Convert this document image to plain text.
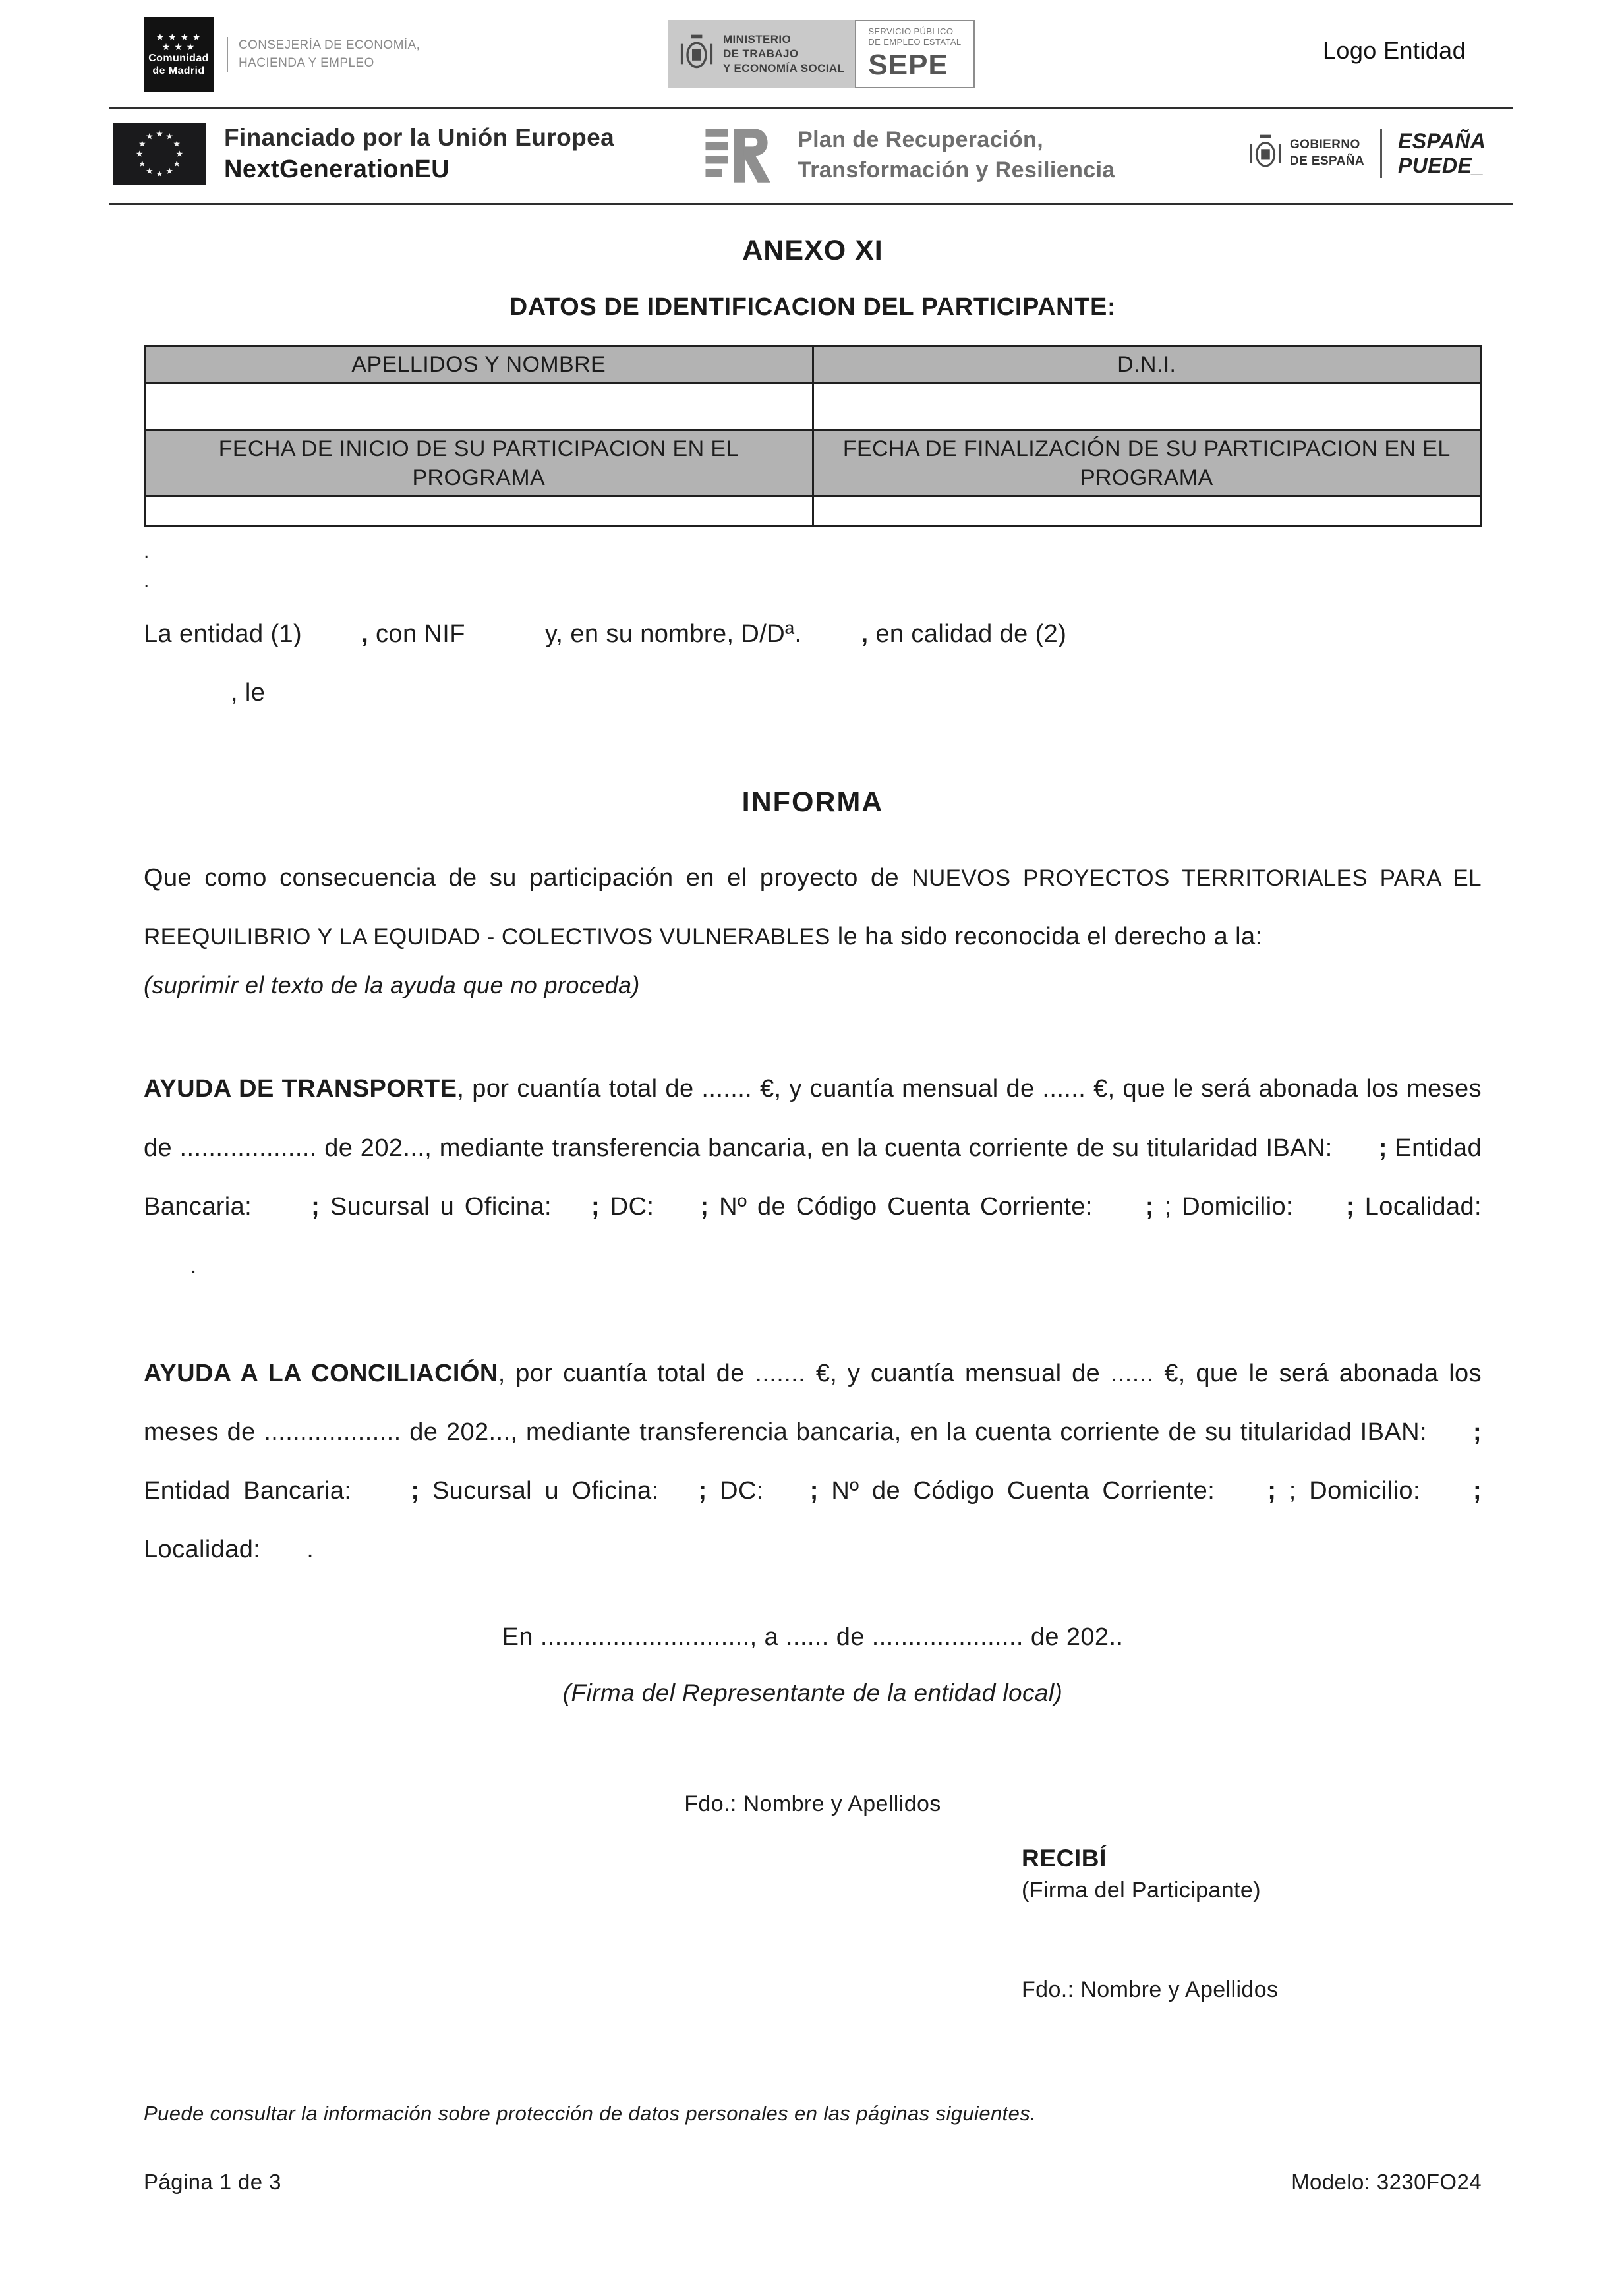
★ ★ ★ ★
★ ★ ★
Comunidad
de Madrid
CONSEJERÍA DE ECONOMÍA,
HACIENDA Y EMPLEO
MINISTERIO
DE TRABAJO
Y ECONOMÍA SOCIAL
SERVICIO PÚBLICO
DE EMPLEO ESTATAL
SEPE	Logo Entidad
Financiado por la Unión Europea
NextGenerationEU
Plan de Recuperación,
Transformación y Resiliencia
GOBIERNO
DE ESPAÑA
ESPAÑA
PUEDE_
ANEXO XI
DATOS DE IDENTIFICACION DEL PARTICIPANTE:
APELLIDOS Y NOMBRE	D.N.I.

FECHA DE INICIO DE SU PARTICIPACION EN EL PROGRAMA	FECHA DE FINALIZACIÓN DE SU PARTICIPACION EN EL PROGRAMA

.
.

La entidad (1) , con NIF	y, en su nombre, D/Dª. , en calidad de (2)
, le

INFORMA

Que como consecuencia de su participación en el proyecto de NUEVOS PROYECTOS TERRITORIALES PARA EL REEQUILIBRIO Y LA EQUIDAD - COLECTIVOS VULNERABLES le ha sido reconocida el derecho a la:

(suprimir el texto de la ayuda que no proceda)

AYUDA DE TRANSPORTE, por cuantía total de ....... €, y cuantía mensual de ...... €, que le será abonada los meses de ................... de 202..., mediante transferencia bancaria, en la cuenta corriente de su titularidad IBAN: ; Entidad Bancaria: ; Sucursal u Oficina: ; DC: ; Nº de Código Cuenta Corriente: ; ; Domicilio: ; Localidad:.

AYUDA A LA CONCILIACIÓN, por cuantía total de ....... €, y cuantía mensual de ...... €, que le será abonada los meses de ................... de 202..., mediante transferencia bancaria, en la cuenta corriente de su titularidad IBAN: ; Entidad Bancaria: ; Sucursal u Oficina: ; DC: ; Nº de Código Cuenta Corriente: ; ; Domicilio: ; Localidad: .

En ............................., a ...... de ..................... de 202..
(Firma del Representante de la entidad local)
Fdo.: Nombre y Apellidos
RECIBÍ
(Firma del Participante)
Fdo.: Nombre y Apellidos
Puede consultar la información sobre protección de datos personales en las páginas siguientes.
Página 1 de 3	Modelo: 3230FO24
